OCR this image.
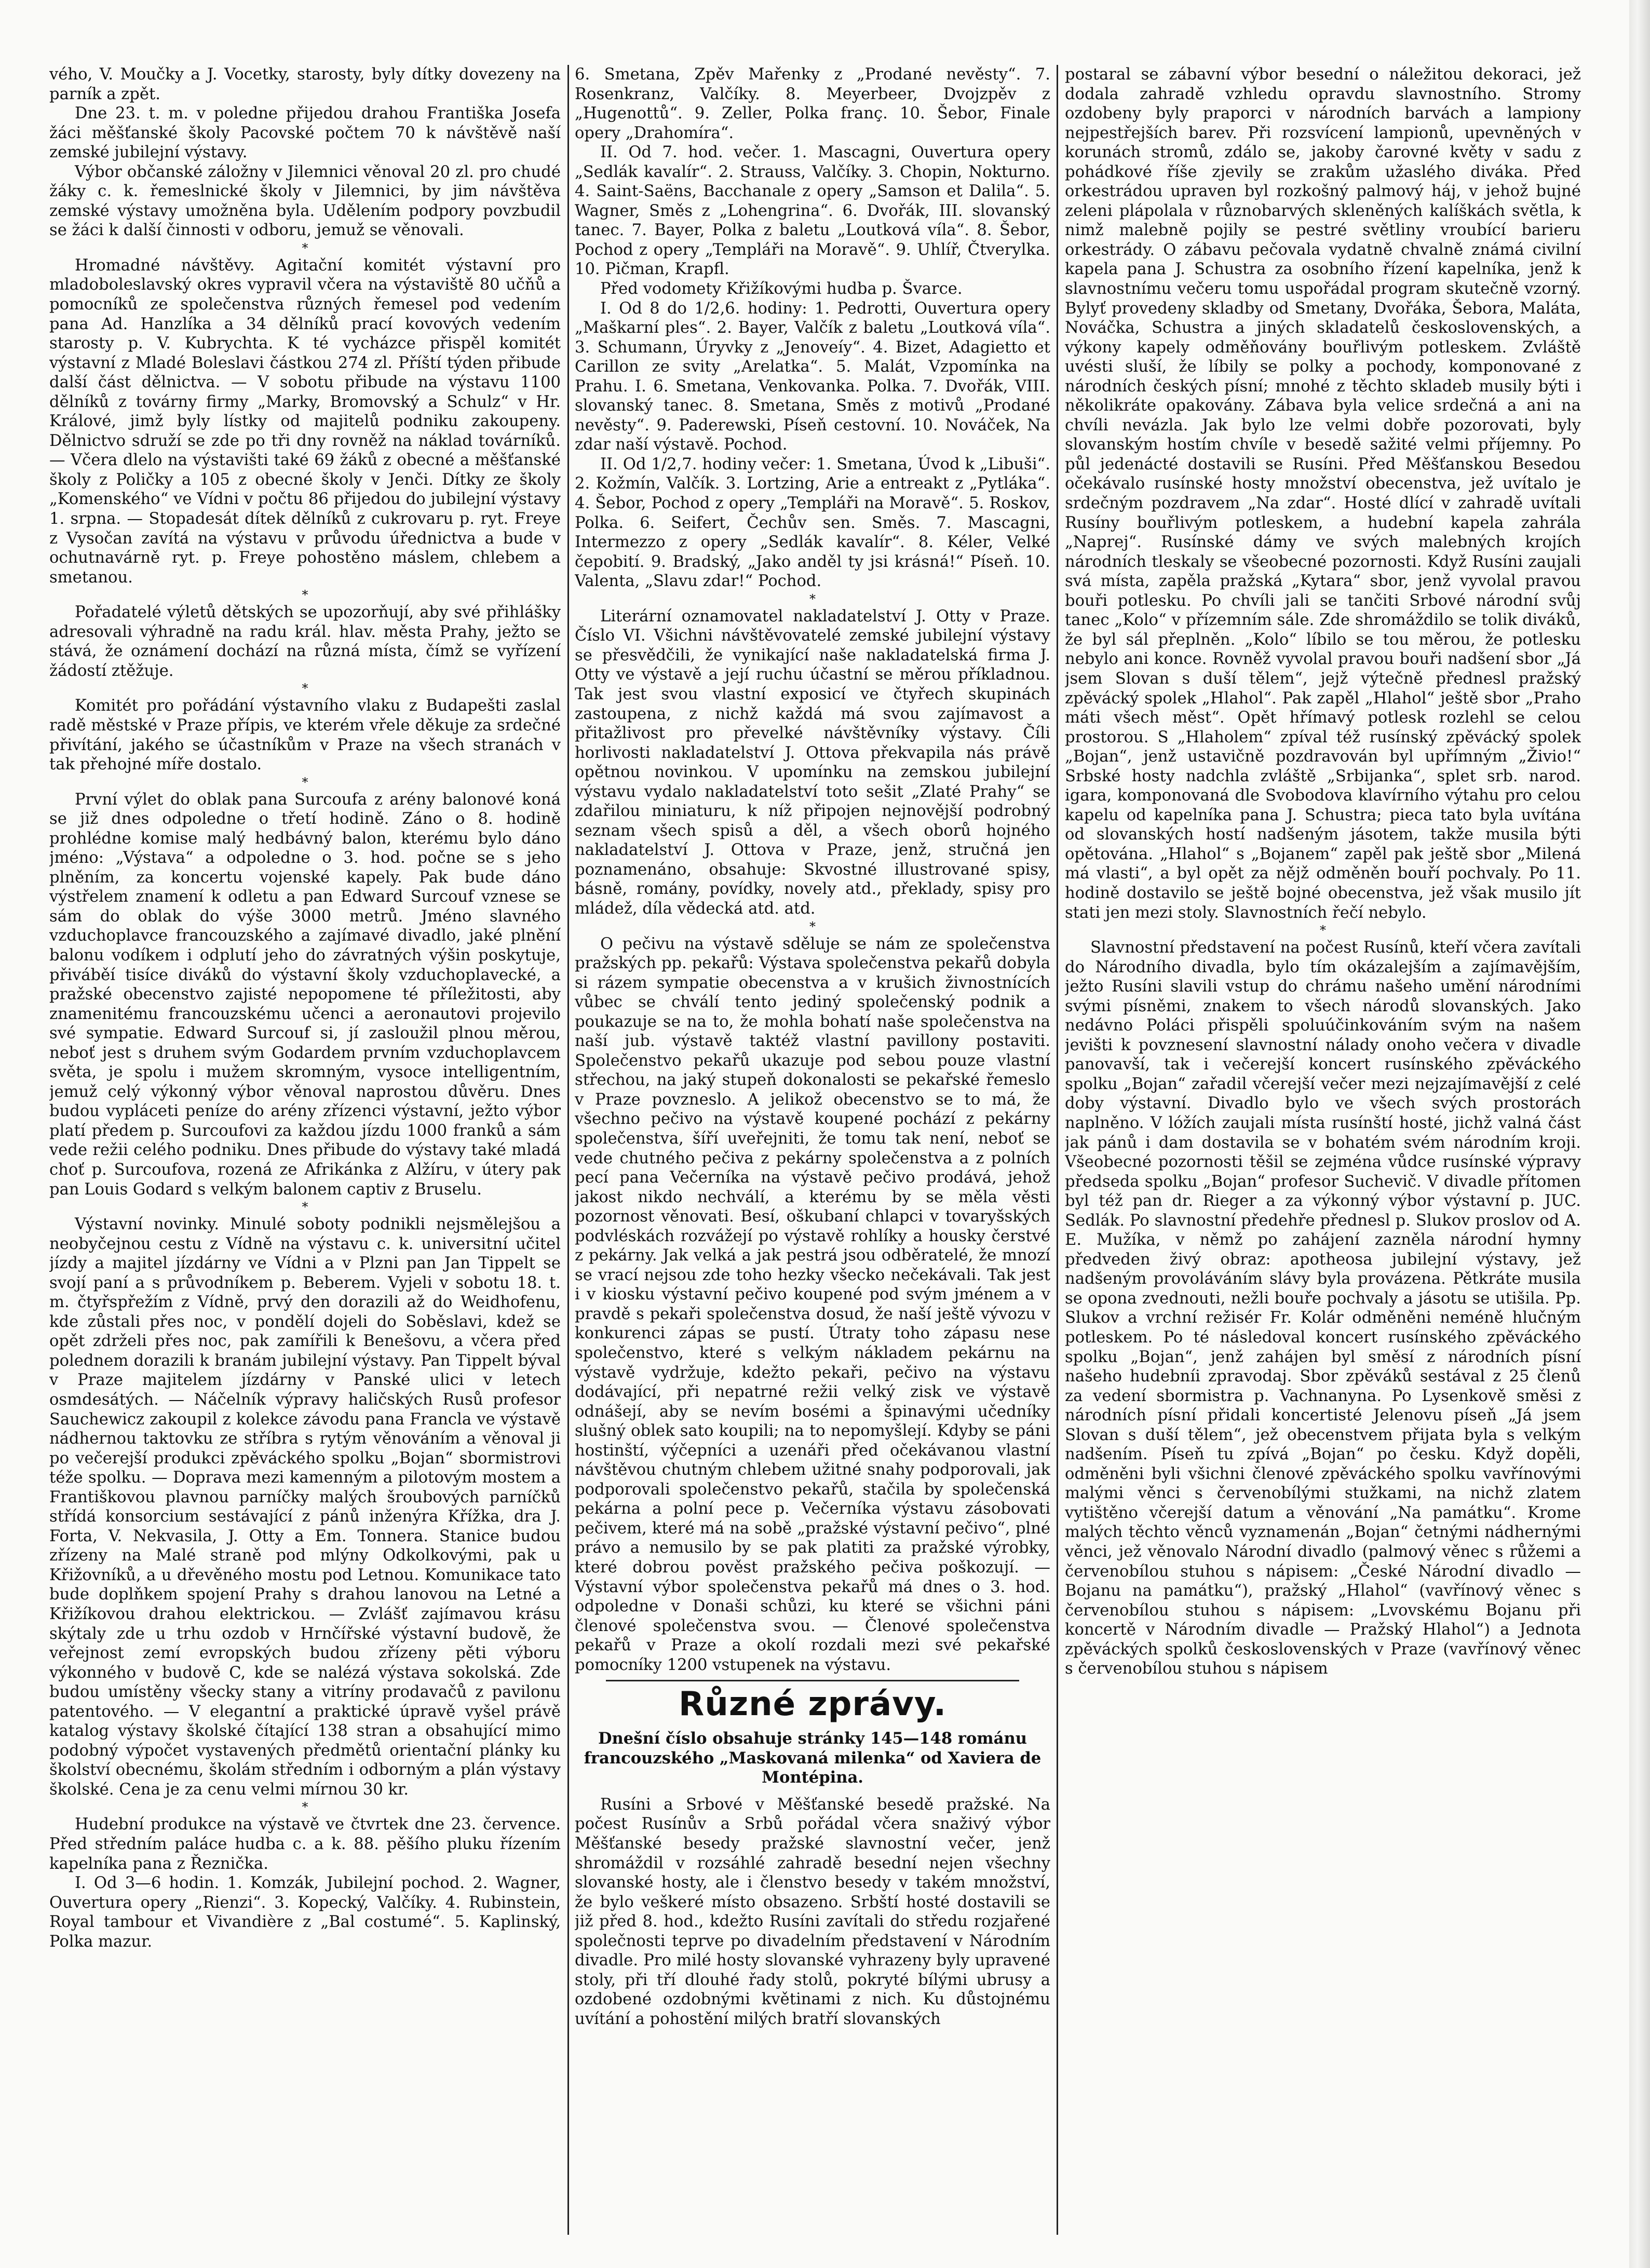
vého, V. Moučky a J. Vocetky, starosty, byly dítky dovezeny na parník a zpět.

Dne 23. t. m. v poledne přijedou drahou Františka Josefa žáci měšťanské školy Pacovské počtem 70 k návštěvě naší zemské jubilejní výstavy.

Výbor občanské záložny v Jilemnici věnoval 20 zl. pro chudé žáky c. k. řemeslnické školy v Jilemnici, by jim návštěva zemské výstavy umožněna byla. Udělením podpory povzbudil se žáci k další činnosti v odboru, jemuž se věnovali.

*

Hromadné návštěvy. Agitační komitét výstavní pro mladoboleslavský okres vypravil včera na výstaviště 80 učňů a pomocníků ze společenstva různých řemesel pod vedením pana Ad. Hanzlíka a 34 dělníků prací kovových vedením starosty p. V. Kubrychta. K té vycházce přispěl komitét výstavní z Mladé Boleslavi částkou 274 zl. Příští týden přibude další část dělnictva. — V sobotu přibude na výstavu 1100 dělníků z továrny firmy „Marky, Bromovský a Schulz“ v Hr. Králové, jimž byly lístky od majitelů podniku zakoupeny. Dělnictvo sdruží se zde po tři dny rovněž na náklad továrníků. — Včera dlelo na výstavišti také 69 žáků z obecné a měšťanské školy z Poličky a 105 z obecné školy v Jenči. Dítky ze školy „Komenského“ ve Vídni v počtu 86 přijedou do jubilejní výstavy 1. srpna. — Stopadesát dítek dělníků z cukrovaru p. ryt. Freye z Vysočan zavítá na výstavu v průvodu úřednictva a bude v ochutnavárně ryt. p. Freye pohostěno máslem, chlebem a smetanou.

*

Pořadatelé výletů dětských se upozorňují, aby své přihlášky adresovali výhradně na radu král. hlav. města Prahy, ježto se stává, že oznámení dochází na různá místa, čímž se vyřízení žádostí ztěžuje.

*

Komitét pro pořádání výstavního vlaku z Budapešti zaslal radě městské v Praze přípis, ve kterém vřele děkuje za srdečné přivítání, jakého se účastníkům v Praze na všech stranách v tak přehojné míře dostalo.

*

První výlet do oblak pana Surcoufa z arény balonové koná se již dnes odpoledne o třetí hodině. Záno o 8. hodině prohlédne komise malý hedbávný balon, kterému bylo dáno jméno: „Výstava“ a odpoledne o 3. hod. počne se s jeho plněním, za koncertu vojenské kapely. Pak bude dáno výstřelem znamení k odletu a pan Edward Surcouf vznese se sám do oblak do výše 3000 metrů. Jméno slavného vzduchoplavce francouzského a zajímavé divadlo, jaké plnění balonu vodíkem i odplutí jeho do závratných výšin poskytuje, přiváběí tisíce diváků do výstavní školy vzduchoplavecké, a pražské obecenstvo zajisté nepopomene té příležitosti, aby znamenitému francouzskému učenci a aeronautovi projevilo své sympatie. Edward Surcouf si, jí zasloužil plnou měrou, neboť jest s druhem svým Godardem prvním vzduchoplavcem světa, je spolu i mužem skromným, vysoce intelligentním, jemuž celý výkonný výbor věnoval naprostou důvěru. Dnes budou vypláceti peníze do arény zřízenci výstavní, ježto výbor platí předem p. Surcoufovi za každou jízdu 1000 franků a sám vede režii celého podniku. Dnes přibude do výstavy také mladá choť p. Surcoufova, rozená ze Afrikánka z Alžíru, v útery pak pan Louis Godard s velkým balonem captiv z Bruselu.

*

Výstavní novinky. Minulé soboty podnikli nejsmělejšou a neobyčejnou cestu z Vídně na výstavu c. k. universitní učitel jízdy a majitel jízdárny ve Vídni a v Plzni pan Jan Tippelt se svojí paní a s průvodníkem p. Beberem. Vyjeli v sobotu 18. t. m. čtyřspřežím z Vídně, prvý den dorazili až do Weidhofenu, kde zůstali přes noc, v pondělí dojeli do Soběslavi, kdež se opět zdrželi přes noc, pak zamířili k Benešovu, a včera před polednem dorazili k branám jubilejní výstavy. Pan Tippelt býval v Praze majitelem jízdárny v Panské ulici v letech osmdesátých. — Náčelník výpravy haličských Rusů profesor Sauchewicz zakoupil z kolekce závodu pana Francla ve výstavě nádhernou taktovku ze stříbra s rytým věnováním a věnoval ji po večerejší produkci zpěváckého spolku „Bojan“ sbormistrovi téže spolku. — Doprava mezi kamenným a pilotovým mostem a Františkovou plavnou parníčky malých šroubových parníčků střídá konsorcium sestávající z pánů inženýra Křížka, dra J. Forta, V. Nekvasila, J. Otty a Em. Tonnera. Stanice budou zřízeny na Malé straně pod mlýny Odkolkovými, pak u Křižovníků, a u dřevěného mostu pod Letnou. Komunikace tato bude doplňkem spojení Prahy s drahou lanovou na Letné a Křižíkovou drahou elektrickou. — Zvlášť zajímavou krásu skýtaly zde u trhu ozdob v Hrnčířské výstavní budově, že veřejnost zemí evropských budou zřízeny pěti výboru výkonného v budově C, kde se nalézá výstava sokolská. Zde budou umístěny všecky stany a vitríny prodavačů z pavilonu patentového. — V elegantní a praktické úpravě vyšel právě katalog výstavy školské čítající 138 stran a obsahující mimo podobný výpočet vystavených předmětů orientační plánky ku školství obecnému, školám středním i odborným a plán výstavy školské. Cena je za cenu velmi mírnou 30 kr.

*

Hudební produkce na výstavě ve čtvrtek dne 23. července. Před středním paláce hudba c. a k. 88. pěšího pluku řízením kapelníka pana z Řeznička.

I. Od 3—6 hodin. 1. Komzák, Jubilejní pochod. 2. Wagner, Ouvertura opery „Rienzi“. 3. Kopecký, Valčíky. 4. Rubinstein, Royal tambour et Vivandière z „Bal costumé“. 5. Kaplinský, Polka mazur.

6. Smetana, Zpěv Mařenky z „Prodané nevěsty“. 7. Rosenkranz, Valčíky. 8. Meyerbeer, Dvojzpěv z „Hugenottů“. 9. Zeller, Polka franç. 10. Šebor, Finale opery „Drahomíra“.

II. Od 7. hod. večer. 1. Mascagni, Ouvertura opery „Sedlák kavalír“. 2. Strauss, Valčíky. 3. Chopin, Nokturno. 4. Saint-Saëns, Bacchanale z opery „Samson et Dalila“. 5. Wagner, Směs z „Lohengrina“. 6. Dvořák, III. slovanský tanec. 7. Bayer, Polka z baletu „Loutková víla“. 8. Šebor, Pochod z opery „Templáři na Moravě“. 9. Uhlíř, Čtverylka. 10. Pičman, Krapfl.

Před vodomety Křižíkovými hudba p. Švarce.

I. Od 8 do 1/2,6. hodiny: 1. Pedrotti, Ouvertura opery „Maškarní ples“. 2. Bayer, Valčík z baletu „Loutková víla“. 3. Schumann, Úryvky z „Jenoveíy“. 4. Bizet, Adagietto et Carillon ze svity „Arelatka“. 5. Malát, Vzpomínka na Prahu. I. 6. Smetana, Venkovanka. Polka. 7. Dvořák, VIII. slovanský tanec. 8. Smetana, Směs z motivů „Prodané nevěsty“. 9. Paderewski, Píseň cestovní. 10. Nováček, Na zdar naší výstavě. Pochod.

II. Od 1/2,7. hodiny večer: 1. Smetana, Úvod k „Libuši“. 2. Kožmín, Valčík. 3. Lortzing, Arie a entreakt z „Pytláka“. 4. Šebor, Pochod z opery „Templáři na Moravě“. 5. Roskov, Polka. 6. Seifert, Čechův sen. Směs. 7. Mascagni, Intermezzo z opery „Sedlák kavalír“. 8. Kéler, Velké čepobití. 9. Bradský, „Jako anděl ty jsi krásná!“ Píseň. 10. Valenta, „Slavu zdar!“ Pochod.

*

Literární oznamovatel nakladatelství J. Otty v Praze. Číslo VI. Všichni návštěvovatelé zemské jubilejní výstavy se přesvědčili, že vynikající naše nakladatelská firma J. Otty ve výstavě a její ruchu účastní se měrou příkladnou. Tak jest svou vlastní exposicí ve čtyřech skupinách zastoupena, z nichž každá má svou zajímavost a přitažlivost pro převelké návštěvníky výstavy. Číli horlivosti nakladatelství J. Ottova překvapila nás právě opětnou novinkou. V upomínku na zemskou jubilejní výstavu vydalo nakladatelství toto sešit „Zlaté Prahy“ se zdařilou miniaturu, k níž připojen nejnovější podrobný seznam všech spisů a děl, a všech oborů hojného nakladatelství J. Ottova v Praze, jenž, stručná jen poznamenáno, obsahuje: Skvostné illustrované spisy, básně, romány, povídky, novely atd., překlady, spisy pro mládež, díla vědecká atd. atd.

*

O pečivu na výstavě sděluje se nám ze společenstva pražských pp. pekařů: Výstava společenstva pekařů dobyla si rázem sympatie obecenstva a v krušich živnostnících vůbec se chválí tento jediný společenský podnik a poukazuje se na to, že mohla bohatí naše společenstva na naší jub. výstavě taktéž vlastní pavillony postaviti. Společenstvo pekařů ukazuje pod sebou pouze vlastní střechou, na jaký stupeň dokonalosti se pekařské řemeslo v Praze povzneslo. A jelikož obecenstvo se to má, že všechno pečivo na výstavě koupené pochází z pekárny společenstva, šíří uveřejniti, že tomu tak není, neboť se vede chutného pečiva z pekárny společenstva a z polních pecí pana Večerníka na výstavě pečivo prodává, jehož jakost nikdo nechválí, a kterému by se měla věsti pozornost věnovati. Besí, oškubaní chlapci v tovaryšských podvléskách rozvážejí po výstavě rohlíky a housky čerstvé z pekárny. Jak velká a jak pestrá jsou odběratelé, že mnozí se vrací nejsou zde toho hezky všecko nečekávali. Tak jest i v kiosku výstavní pečivo koupené pod svým jménem a v pravdě s pekaři společenstva dosud, že naší ještě vývozu v konkurenci zápas se pustí. Útraty toho zápasu nese společenstvo, které s velkým nákladem pekárnu na výstavě vydržuje, kdežto pekaři, pečivo na výstavu dodávající, při nepatrné režii velký zisk ve výstavě odnášejí, aby se nevím bosémi a špinavými učedníky slušný oblek sato koupili; na to nepomyšlejí. Kdyby se páni hostinští, výčepníci a uzenáři před očekávanou vlastní návštěvou chutným chlebem užitné snahy podporovali, jak podporovali společenstvo pekařů, stačila by společenská pekárna a polní pece p. Večerníka výstavu zásobovati pečivem, které má na sobě „pražské výstavní pečivo“, plné právo a nemusilo by se pak platiti za pražské výrobky, které dobrou pověst pražského pečiva poškozují. — Výstavní výbor společenstva pekařů má dnes o 3. hod. odpoledne v Donaši schůzi, ku které se všichni páni členové společenstva svou. — Členové společenstva pekařů v Praze a okolí rozdali mezi své pekařské pomocníky 1200 vstupenek na výstavu.

Různé zprávy.

Dnešní číslo obsahuje stránky 145—148 románu francouzského „Maskovaná milenka“ od Xaviera de Montépina.

Rusíni a Srbové v Měšťanské besedě pražské. Na počest Rusínův a Srbů pořádal včera snaživý výbor Měšťanské besedy pražské slavnostní večer, jenž shromáždil v rozsáhlé zahradě besední nejen všechny slovanské hosty, ale i členstvo besedy v takém množství, že bylo veškeré místo obsazeno. Srbští hosté dostavili se již před 8. hod., kdežto Rusíni zavítali do středu rozjařené společnosti teprve po divadelním představení v Národním divadle. Pro milé hosty slovanské vyhrazeny byly upravené stoly, při tří dlouhé řady stolů, pokryté bílými ubrusy a ozdobené ozdobnými květinami z nich. Ku důstojnému uvítání a pohostění milých bratří slovanských

postaral se zábavní výbor besední o náležitou dekoraci, jež dodala zahradě vzhledu opravdu slavnostního. Stromy ozdobeny byly praporci v národních barvách a lampiony nejpestřejších barev. Při rozsvícení lampionů, upevněných v korunách stromů, zdálo se, jakoby čarovné květy v sadu z pohádkové říše zjevily se zrakům užaslého diváka. Před orkestrádou upraven byl rozkošný palmový háj, v jehož bujné zeleni plápolala v různobarvých skleněných kalíškách světla, k nimž malebně pojily se pestré světliny vroubící barieru orkestrády. O zábavu pečovala vydatně chvalně známá civilní kapela pana J. Schustra za osobního řízení kapelníka, jenž k slavnostnímu večeru tomu uspořádal program skutečně vzorný. Bylyť provedeny skladby od Smetany, Dvořáka, Šebora, Maláta, Nováčka, Schustra a jiných skladatelů československých, a výkony kapely odměňovány bouřlivým potleskem. Zvláště uvésti sluší, že líbily se polky a pochody, komponované z národních českých písní; mnohé z těchto skladeb musily býti i několikráte opakovány. Zábava byla velice srdečná a ani na chvíli nevázla. Jak bylo lze velmi dobře pozorovati, byly slovanským hostím chvíle v besedě sažité velmi příjemny. Po půl jedenácté dostavili se Rusíni. Před Měšťanskou Besedou očekávalo rusínské hosty množství obecenstva, jež uvítalo je srdečným pozdravem „Na zdar“. Hosté dlící v zahradě uvítali Rusíny bouřlivým potleskem, a hudební kapela zahrála „Naprej“. Rusínské dámy ve svých malebných krojích národních tleskaly se všeobecné pozornosti. Když Rusíni zaujali svá místa, zapěla pražská „Kytara“ sbor, jenž vyvolal pravou bouři potlesku. Po chvíli jali se tančiti Srbové národní svůj tanec „Kolo“ v přízemním sále. Zde shromáždilo se tolik diváků, že byl sál přeplněn. „Kolo“ líbilo se tou měrou, že potlesku nebylo ani konce. Rovněž vyvolal pravou bouři nadšení sbor „Já jsem Slovan s duší tělem“, jejž výtečně přednesl pražský zpěvácký spolek „Hlahol“. Pak zapěl „Hlahol“ ještě sbor „Praho máti všech měst“. Opět hřímavý potlesk rozlehl se celou prostorou. S „Hlaholem“ zpíval též rusínský zpěvácký spolek „Bojan“, jenž ustavičně pozdravován byl upřímným „Živio!“ Srbské hosty nadchla zvláště „Srbijanka“, splet srb. narod. igara, komponovaná dle Svobodova klavírního výtahu pro celou kapelu od kapelníka pana J. Schustra; pieca tato byla uvítána od slovanských hostí nadšeným jásotem, takže musila býti opětována. „Hlahol“ s „Bojanem“ zapěl pak ještě sbor „Milená má vlasti“, a byl opět za nějž odměněn bouří pochvaly. Po 11. hodině dostavilo se ještě bojné obecenstva, jež však musilo jít stati jen mezi stoly. Slavnostních řečí nebylo.

*

Slavnostní představení na počest Rusínů, kteří včera zavítali do Národního divadla, bylo tím okázalejším a zajímavějším, ježto Rusíni slavili vstup do chrámu našeho umění národními svými písněmi, znakem to všech národů slovanských. Jako nedávno Poláci přispěli spoluúčinkováním svým na našem jevišti k povznesení slavnostní nálady onoho večera v divadle panovavší, tak i večerejší koncert rusínského zpěváckého spolku „Bojan“ zařadil včerejší večer mezi nejzajímavější z celé doby výstavní. Divadlo bylo ve všech svých prostorách naplněno. V lóžích zaujali místa rusínští hosté, jichž valná část jak pánů i dam dostavila se v bohatém svém národním kroji. Všeobecné pozornosti těšil se zejména vůdce rusínské výpravy předseda spolku „Bojan“ profesor Suchevič. V divadle přítomen byl též pan dr. Rieger a za výkonný výbor výstavní p. JUC. Sedlák. Po slavnostní předehře přednesl p. Slukov proslov od A. E. Mužíka, v němž po zahájení zazněla národní hymny předveden živý obraz: apotheosa jubilejní výstavy, jež nadšeným provoláváním slávy byla provázena. Pětkráte musila se opona zvednouti, nežli bouře pochvaly a jásotu se utišila. Pp. Slukov a vrchní režisér Fr. Kolár odměněni neméně hlučným potleskem. Po té následoval koncert rusínského zpěváckého spolku „Bojan“, jenž zahájen byl směsí z národních písní našeho hudebníi zpravodaj. Sbor zpěváků sestával z 25 členů za vedení sbormistra p. Vachnanyna. Po Lysenkově směsi z národních písní přidali koncertisté Jelenovu píseň „Já jsem Slovan s duší tělem“, jež obecenstvem přijata byla s velkým nadšením. Píseň tu zpívá „Bojan“ po česku. Když dopěli, odměněni byli všichni členové zpěváckého spolku vavřínovými malými věnci s červenobílými stužkami, na nichž zlatem vytištěno včerejší datum a věnování „Na památku“. Krome malých těchto věnců vyznamenán „Bojan“ četnými nádhernými věnci, jež věnovalo Národní divadlo (palmový věnec s růžemi a červenobílou stuhou s nápisem: „České Národní divadlo — Bojanu na památku“), pražský „Hlahol“ (vavřínový věnec s červenobílou stuhou s nápisem: „Lvovskému Bojanu při koncertě v Národním divadle — Pražský Hlahol“) a Jednota zpěváckých spolků československých v Praze (vavřínový věnec s červenobílou stuhou s nápisem
